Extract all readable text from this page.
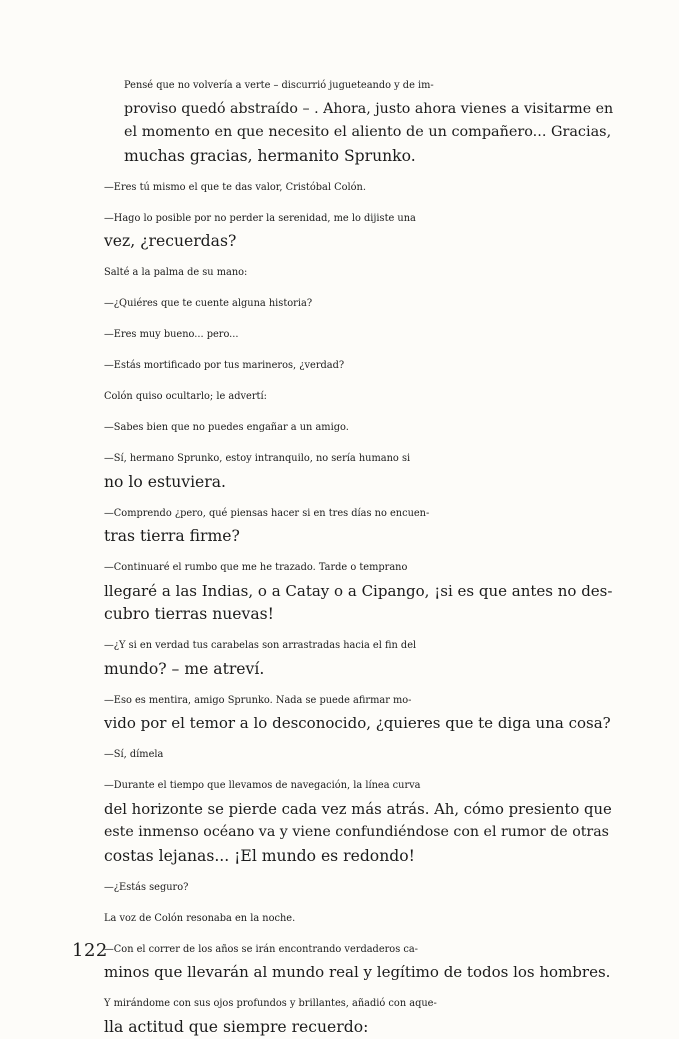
Pensé que no volvería a verte – discurrió jugueteando y de im-
proviso quedó abstraído – . Ahora, justo ahora vienes a visitarme en
el momento en que necesito el aliento de un compañero... Gracias,
muchas gracias, hermanito Sprunko.

—Eres tú mismo el que te das valor, Cristóbal Colón.

—Hago lo posible por no perder la serenidad, me lo dijiste una
vez, ¿recuerdas?

Salté a la palma de su mano:

—¿Quiéres que te cuente alguna historia?

—Eres muy bueno... pero...

—Estás mortificado por tus marineros, ¿verdad?

Colón quiso ocultarlo; le advertí:

—Sabes bien que no puedes engañar a un amigo.

—Sí, hermano Sprunko, estoy intranquilo, no sería humano si
no lo estuviera.

—Comprendo ¿pero, qué piensas hacer si en tres días no encuen-
tras tierra firme?

—Continuaré el rumbo que me he trazado. Tarde o temprano
llegaré a las Indias, o a Catay o a Cipango, ¡si es que antes no des-
cubro tierras nuevas!

—¿Y si en verdad tus carabelas son arrastradas hacia el fin del
mundo? – me atreví.

—Eso es mentira, amigo Sprunko. Nada se puede afirmar mo-
vido por el temor a lo desconocido, ¿quieres que te diga una cosa?

—Sí, dímela

—Durante el tiempo que llevamos de navegación, la línea curva
del horizonte se pierde cada vez más atrás. Ah, cómo presiento que
este inmenso océano va y viene confundiéndose con el rumor de otras
costas lejanas... ¡El mundo es redondo!

—¿Estás seguro?

La voz de Colón resonaba en la noche.

—Con el correr de los años se irán encontrando verdaderos ca-
minos que llevarán al mundo real y legítimo de todos los hombres.

Y mirándome con sus ojos profundos y brillantes, añadió con aque-
lla actitud que siempre recuerdo:

122
